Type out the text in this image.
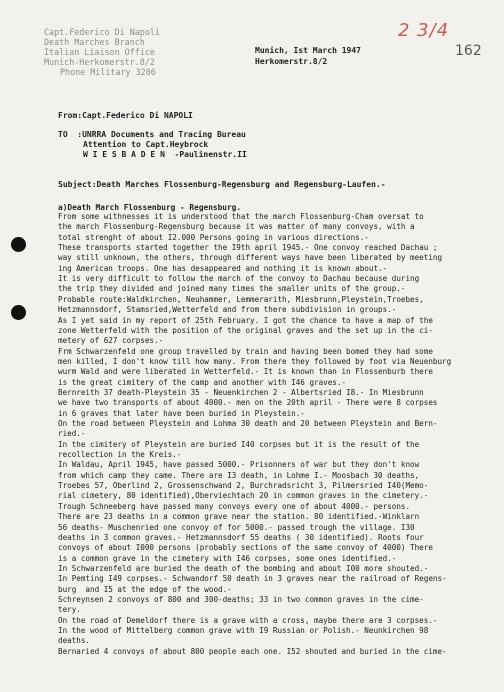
Capt.Federico Di Napoli
Death Marches Branch
Italian Liaison Office
Munich-Herkomerstr.8/2
Phone Military 3206
Munich, Ist March 1947
Herkomerstr.8/2
2 3/4
162
From:Capt.Federico Di NAPOLI
TO  :UNRRA Documents and Tracing Bureau
Attention to Capt.Heybrock
W I E S B A D E N  -Paulinenstr.II
Subject:Death Marches Flossenburg-Regensburg and Regensburg-Laufen.-
a)Death March Flossenburg - Regensburg.
From some withnesses it is understood that the march Flossenburg-Cham oversat to
the march Flossenburg-Regensburg because it was matter of many convoys, with a
total strenght of about I2.000 Persons going in various directions.-
These transports started together the I9th april 1945.- One convoy reached Dachau ;
way still unknown, the others, through different ways have been liberated by meeting
ing American troops. One has desappeared and nothing it is known about.-
It is very difficult to follow the march of the convoy to Dachau because during
the trip they divided and joined many times the smaller units of the group.-
Probable route:Waldkirchen, Neuhammer, Lemmerarith, Miesbrunn,Pleystein,Troebes,
Hetzmannsdorf, Stamsried,Wetterfeld and from there subdivision in groups.-
As I yet said in my report of 25th February. I got the chance to have a map of the
zone Wetterfeld with the position of the original graves and the set up in the ci-
metery of 627 corpses.-
Frm Schwarzenfeld one group travelled by train and having been bomed they had some
men killed, I don't know till how many. From there they followed by foot via Neuenburg
wurm Wald and were liberated in Wetterfeld.- It is known than in Flossenburb there
is the great cimitery of the camp and another with I46 graves.-
Bernreith 37 death-Pleystein 35 - Neuenkirchen 2 - Albertsried I8.- In Miesbrunn
we have two transports of about 4000.- men on the 20th april - There were 8 corpses
in 6 graves that later have been buried in Pleystein.-
On the road between Pleystein and Lohma 30 death and 20 between Pleystein and Bern-
ried.-
In the cimitery of Pleystein are buried I40 corpses but it is the result of the
recollection in the Kreis.-
In Waldau, April 1945, have passed 5000.- Prisonners of war but they don't know
from which camp they came. There are I3 death, in Lohme I.- Moosbach 30 deaths,
Troebes 57, Oberlind 2, Grossenschwand 2, Burchradsricht 3, Pilmersried I40(Memo-
rial cimetery, 80 identified),Oberviechtach 20 in common graves in the cimetery.-
Trough Schneeberg have passed many convoys every one of about 4000.- persons.
There are 23 deaths in a common grave near the station. 80 identified.-Winklarn
56 deaths- Muschenried one convoy of for 5000.- passed trough the village. I30
deaths in 3 common graves.- Hetzmannsdorf 55 deaths ( 30 identified). Roots four
convoys of about I000 persons (probably sections of the same convoy of 4000) There
is a common grave in the cimetery with I46 corpses, some ones identified.-
In Schwarzenfeld are buried the death of the bombing and about I00 more shouted.-
In Pemting I49 corpses.- Schwandorf 50 death in 3 graves near the railroad of Regens-
burg  and I5 at the edge of the wood.-
Schreynsen 2 convoys of 800 and 300-deaths; 33 in two common graves in the cime-
tery.
On the road of Demeldorf there is a grave with a cross, maybe there are 3 corpses.-
In the wood of Mittelberg common grave with I9 Russian or Polish.- Neunkirchen 98
deaths.
Bernaried 4 convoys of about 800 people each one. I52 shouted and buried in the cime-
